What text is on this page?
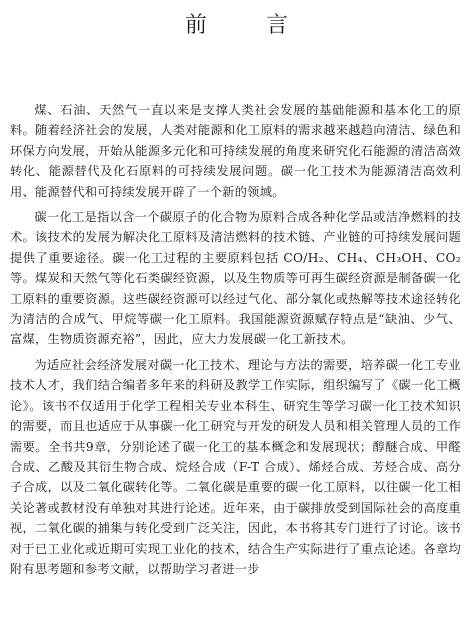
前 言

煤、石油、天然气一直以来是支撑人类社会发展的基础能源和基本化工的原料。随着经济社会的发展，人类对能源和化工原料的需求越来越趋向清洁、绿色和环保方向发展，开始从能源多元化和可持续发展的角度来研究化石能源的清洁高效转化、能源替代及化石原料的可持续发展问题。碳一化工技术为能源清洁高效利用、能源替代和可持续发展开辟了一个新的领域。

碳一化工是指以含一个碳原子的化合物为原料合成各种化学品或洁净燃料的技术。该技术的发展为解决化工原料及清洁燃料的技术链、产业链的可持续发展问题提供了重要途径。碳一化工过程的主要原料包括 CO/H₂、CH₄、CH₃OH、CO₂等。煤炭和天然气等化石类碳经资源，以及生物质等可再生碳经资源是制备碳一化工原料的重要资源。这些碳经资源可以经过气化、部分氧化或热解等技术途径转化为清洁的合成气、甲烷等碳一化工原料。我国能源资源赋存特点是“缺油、少气、富煤，生物质资源充裕”，因此，应大力发展碳一化工新技术。

为适应社会经济发展对碳一化工技术、理论与方法的需要，培养碳一化工专业技术人才，我们结合编者多年来的科研及教学工作实际，组织编写了《碳一化工概论》。该书不仅适用于化学工程相关专业本科生、研究生等学习碳一化工技术知识的需要，而且也适应于从事碳一化工研究与开发的研发人员和相关管理人员的工作需要。全书共9章，分别论述了碳一化工的基本概念和发展现状；醇醚合成、甲醛合成、乙酸及其衍生物合成、烷烃合成（F-T 合成）、烯烃合成、芳烃合成、高分子合成，以及二氧化碳转化等。二氧化碳是重要的碳一化工原料，以往碳一化工相关论著或教材没有单独对其进行论述。近年来，由于碳排放受到国际社会的高度重视，二氧化碳的捕集与转化受到广泛关注，因此，本书将其专门进行了讨论。该书对于已工业化或近期可实现工业化的技术，结合生产实际进行了重点论述。各章均附有思考题和参考文献，以帮助学习者进一步
